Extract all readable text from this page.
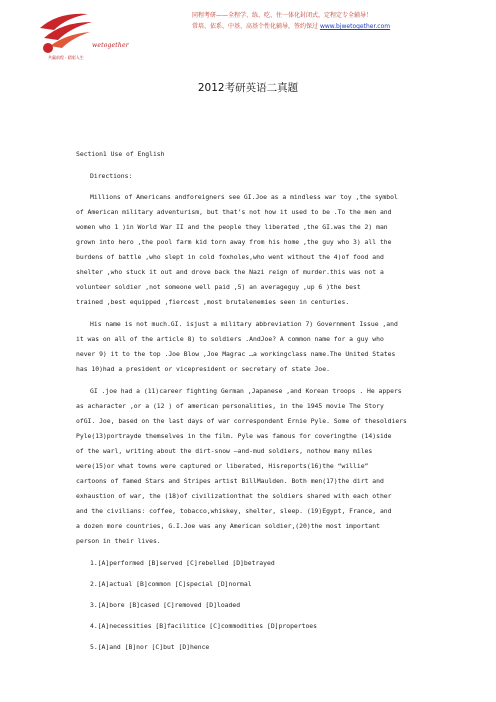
wetogether
共赢前程 · 精彩人生
同程考研——全程学、练、吃、住一体化封闭式，定程定专全辅导！
常培、依系、中基、高基个性化辅导，签约保过 www.bjwetogether.com
2012考研英语二真题
Section1 Use of English
Directions:
Millions of Americans andforeigners see GI.Joe as a mindless war toy ,the symbol
of American military adventurism, but that’s not how it used to be .To the men and
women who 1 )in World War II and the people they liberated ,the GI.was the 2) man
grown into hero ,the pool farm kid torn away from his home ,the guy who 3) all the
burdens of battle ,who slept in cold foxholes,who went without the 4)of food and
shelter ,who stuck it out and drove back the Nazi reign of murder.this was not a
volunteer soldier ,not someone well paid ,5) an averageguy ,up 6 )the best
trained ,best equipped ,fiercest ,most brutalenemies seen in centuries.
His name is not much.GI. isjust a military abbreviation 7) Government Issue ,and
it was on all of the article 8) to soldiers .AndJoe? A common name for a guy who
never 9) it to the top .Joe Blow ,Joe Magrac …a workingclass name.The United States
has 10)had a president or vicepresident or secretary of state Joe.
GI .joe had a (11)career fighting German ,Japanese ,and Korean troops . He appers
as acharacter ,or a (12 ) of american personalities, in the 1945 movie The Story
ofGI. Joe, based on the last days of war correspondent Ernie Pyle. Some of thesoldiers
Pyle(13)portrayde themselves in the film. Pyle was famous for coveringthe (14)side
of the warl, writing about the dirt-snow –and-mud soldiers, nothow many miles
were(15)or what towns were captured or liberated, Hisreports(16)the “willie”
cartoons of famed Stars and Stripes artist BillMaulden. Both men(17)the dirt and
exhaustion of war, the (18)of civilizationthat the soldiers shared with each other
and the civilians: coffee, tobacco,whiskey, shelter, sleep. (19)Egypt, France, and
a dozen more countries, G.I.Joe was any American soldier,(20)the most important
person in their lives.
1.[A]performed [B]served [C]rebelled [D]betrayed
2.[A]actual [B]common [C]special [D]normal
3.[A]bore [B]cased [C]removed [D]loaded
4.[A]necessities [B]facilitice [C]commodities [D]propertoes
5.[A]and [B]nor [C]but [D]hence
